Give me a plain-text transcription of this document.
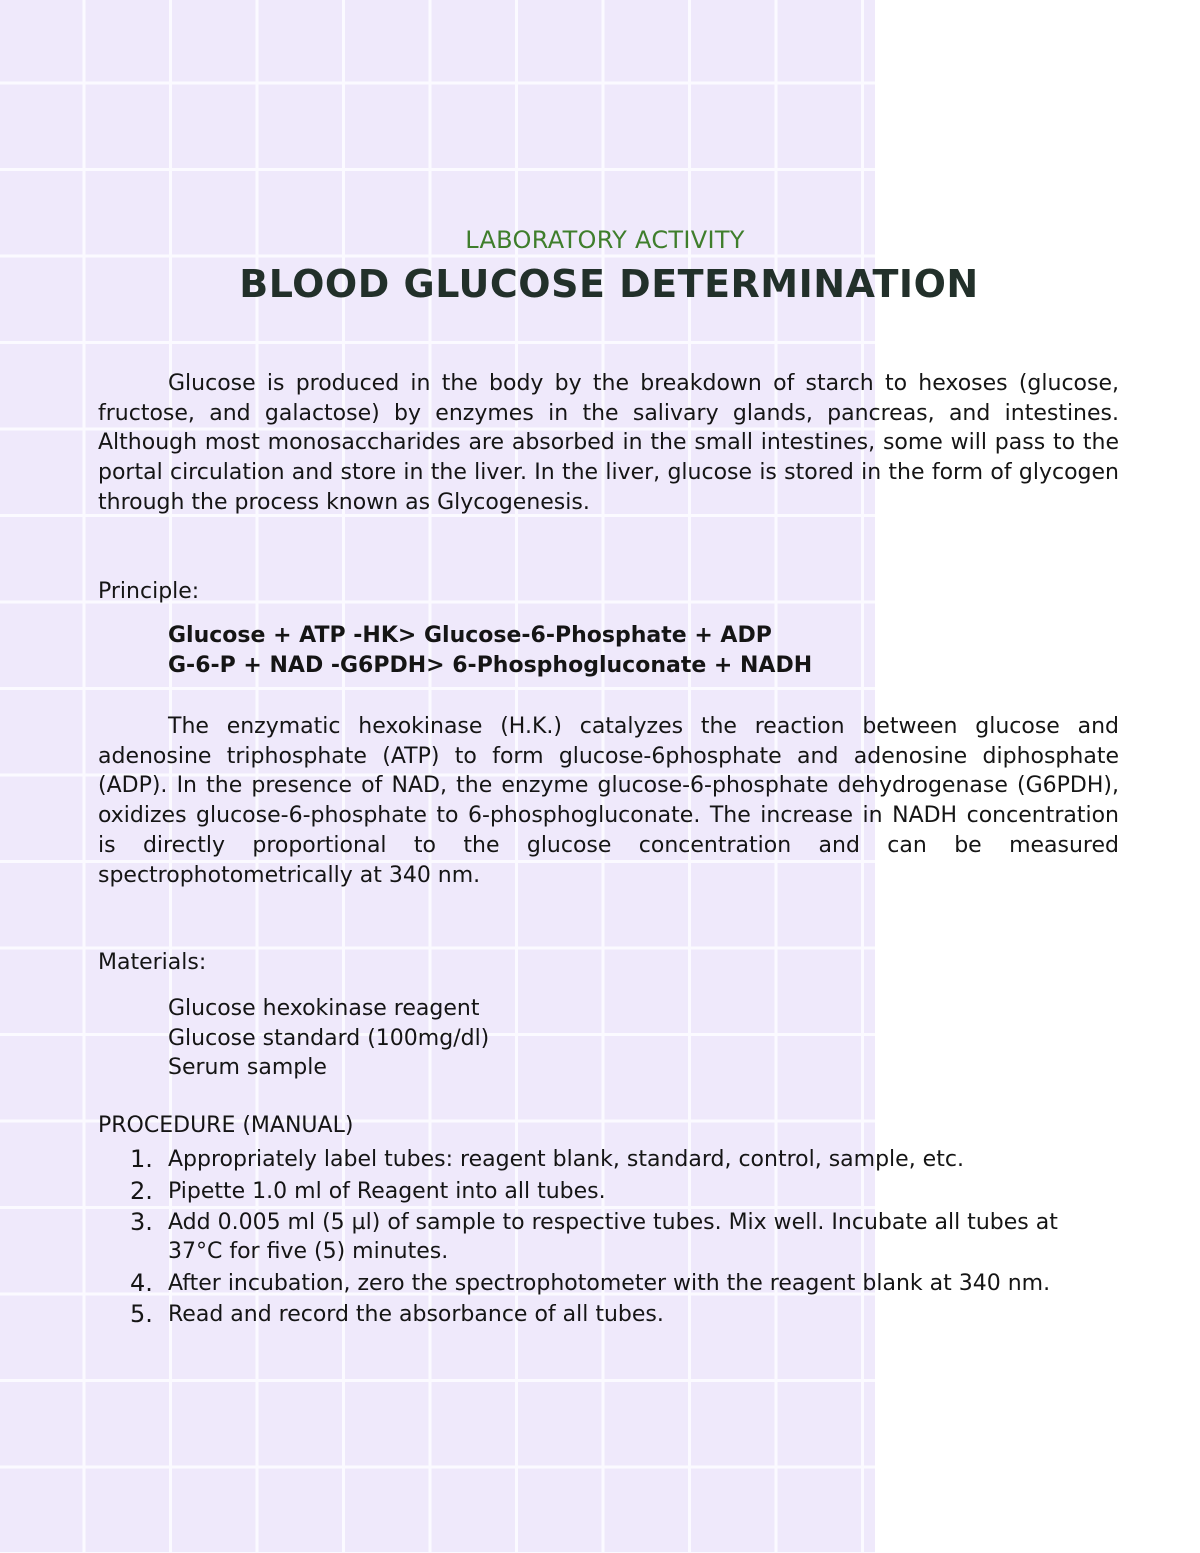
LABORATORY ACTIVITY
BLOOD GLUCOSE DETERMINATION

Glucose is produced in the body by the breakdown of starch to hexoses (glucose, fructose, and galactose) by enzymes in the salivary glands, pancreas, and intestines. Although most monosaccharides are absorbed in the small intestines, some will pass to the portal circulation and store in the liver. In the liver, glucose is stored in the form of glycogen through the process known as Glycogenesis.

Principle:

Glucose + ATP -HK> Glucose-6-Phosphate + ADP

G-6-P + NAD -G6PDH> 6-Phosphogluconate + NADH

The enzymatic hexokinase (H.K.) catalyzes the reaction between glucose and adenosine triphosphate (ATP) to form glucose-6phosphate and adenosine diphosphate (ADP). In the presence of NAD, the enzyme glucose-6-phosphate dehydrogenase (G6PDH), oxidizes glucose-6-phosphate to 6-phosphogluconate. The increase in NADH concentration is directly proportional to the glucose concentration and can be measured spectrophotometrically at 340 nm.

Materials:

Glucose hexokinase reagent
Glucose standard (100mg/dl)
Serum sample

PROCEDURE (MANUAL)

1. Appropriately label tubes: reagent blank, standard, control, sample, etc.
2. Pipette 1.0 ml of Reagent into all tubes.
3. Add 0.005 ml (5 µl) of sample to respective tubes. Mix well. Incubate all tubes at 37°C for five (5) minutes.
4. After incubation, zero the spectrophotometer with the reagent blank at 340 nm.
5. Read and record the absorbance of all tubes.
